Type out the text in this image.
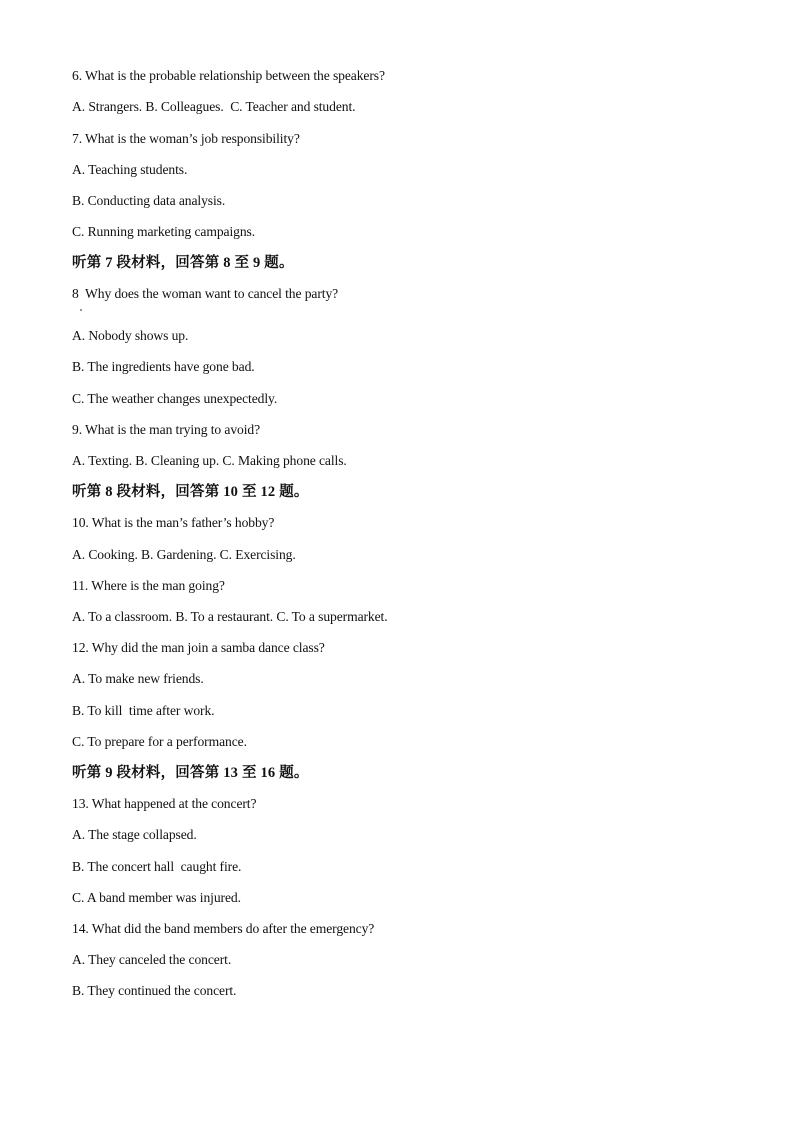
6. What is the probable relationship between the speakers?
A. Strangers. B. Colleagues.  C. Teacher and student.
7. What is the woman’s job responsibility?
A. Teaching students.
B. Conducting data analysis.
C. Running marketing campaigns.
听第 7 段材料，回答第 8 至 9 题。
8  Why does the woman want to cancel the party?
A. Nobody shows up.
B. The ingredients have gone bad.
C. The weather changes unexpectedly.
9. What is the man trying to avoid?
A. Texting. B. Cleaning up. C. Making phone calls.
听第 8 段材料，回答第 10 至 12 题。
10. What is the man’s father’s hobby?
A. Cooking. B. Gardening. C. Exercising.
11. Where is the man going?
A. To a classroom. B. To a restaurant. C. To a supermarket.
12. Why did the man join a samba dance class?
A. To make new friends.
B. To kill  time after work.
C. To prepare for a performance.
听第 9 段材料，回答第 13 至 16 题。
13. What happened at the concert?
A. The stage collapsed.
B. The concert hall  caught fire.
C. A band member was injured.
14. What did the band members do after the emergency?
A. They canceled the concert.
B. They continued the concert.
